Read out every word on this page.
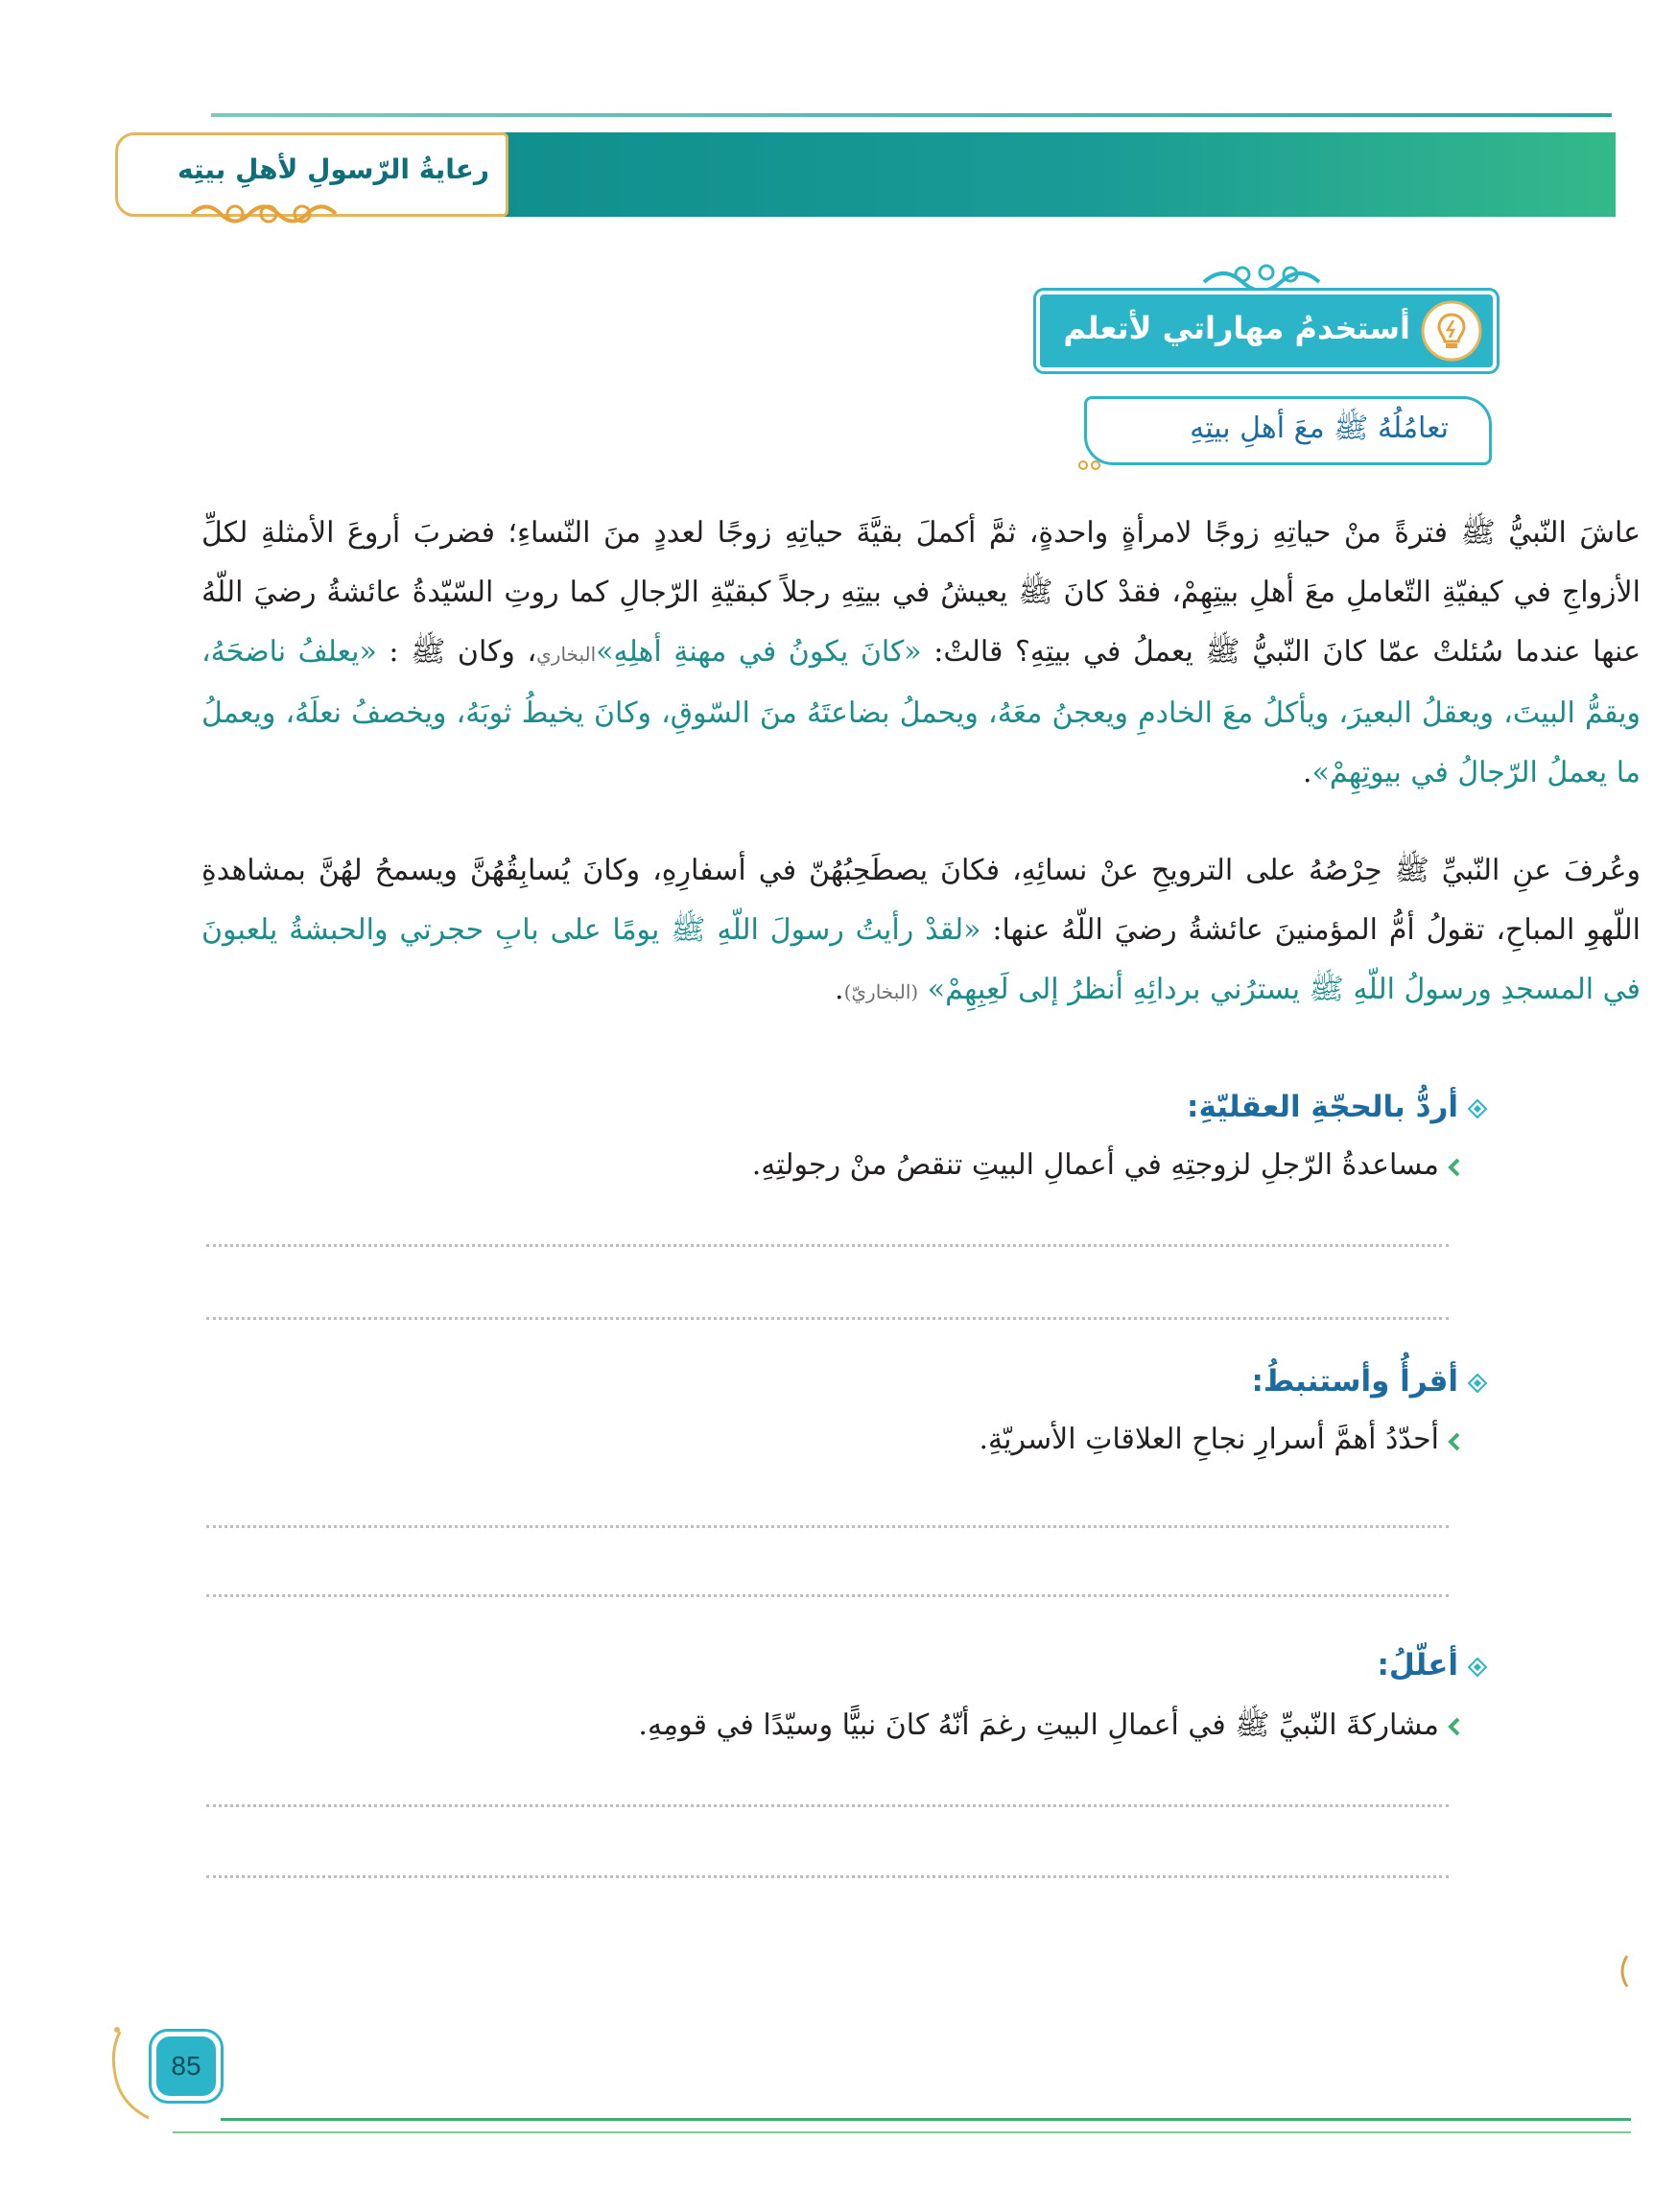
رعايةُ الرّسولِ لأهلِ بيتِه
أستخدمُ مهاراتي لأتعلم
تعامُلُهُ ﷺ معَ أهلِ بيتِهِ
عاشَ النّبيُّ ﷺ فترةً منْ حياتِهِ زوجًا لامرأةٍ واحدةٍ، ثمَّ أكملَ بقيَّةَ حياتِهِ زوجًا لعددٍ منَ النّساءِ؛ فضربَ أروعَ الأمثلةِ لكلِّ الأزواجِ في كيفيّةِ التّعاملِ معَ أهلِ بيتِهِمْ، فقدْ كانَ ﷺ يعيشُ في بيتِهِ رجلاً كبقيّةِ الرّجالِ كما روتِ السّيّدةُ عائشةُ رضيَ اللّهُ عنها عندما سُئلتْ عمّا كانَ النّبيُّ ﷺ يعملُ في بيتِهِ؟ قالتْ: «كانَ يكونُ في مهنةِ أهلِهِ»البخاري، وكان ﷺ : «يعلفُ ناضحَهُ، ويقمُّ البيتَ، ويعقلُ البعيرَ، ويأكلُ معَ الخادمِ ويعجنُ معَهُ، ويحملُ بضاعتَهُ منَ السّوقِ، وكانَ يخيطُ ثوبَهُ، ويخصفُ نعلَهُ، ويعملُ ما يعملُ الرّجالُ في بيوتِهِمْ».
وعُرفَ عنِ النّبيِّ ﷺ حِرْصُهُ على الترويحِ عنْ نسائِهِ، فكانَ يصطَحِبُهُنّ في أسفارِهِ، وكانَ يُسابِقُهُنَّ ويسمحُ لهُنَّ بمشاهدةِ اللّهوِ المباحِ، تقولُ أمُّ المؤمنينَ عائشةُ رضيَ اللّهُ عنها: «لقدْ رأيتُ رسولَ اللّهِ ﷺ يومًا على بابِ حجرتي والحبشةُ يلعبونَ في المسجدِ ورسولُ اللّهِ ﷺ يسترُني بردائِهِ أنظرُ إلى لَعِبِهِمْ» (البخاريّ).
أردُّ بالحجّةِ العقليّةِ:
مساعدةُ الرّجلِ لزوجتِهِ في أعمالِ البيتِ تنقصُ منْ رجولتِهِ.
أقرأُ وأستنبطُ:
أحدّدُ أهمَّ أسرارِ نجاحِ العلاقاتِ الأسريّةِ.
أعلّلُ:
مشاركةَ النّبيِّ ﷺ في أعمالِ البيتِ رغمَ أنّهُ كانَ نبيًّا وسيّدًا في قومِهِ.
85
